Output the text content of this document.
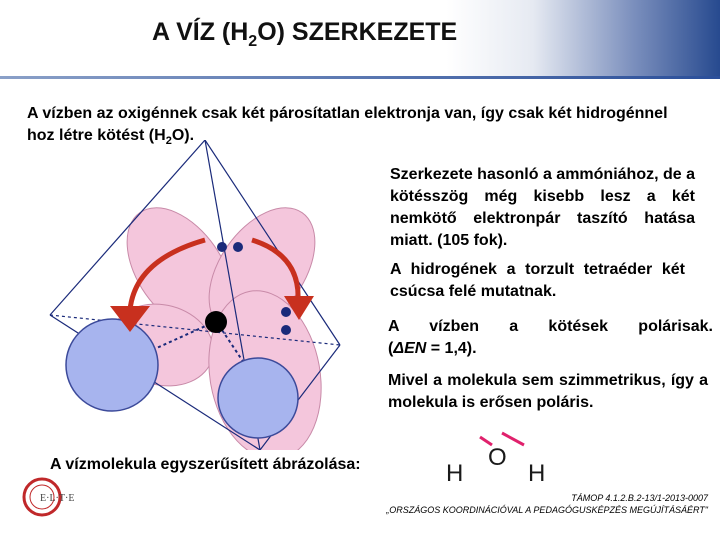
A VÍZ $(H_2O)$ SZERKEZETE
A vízben az oxigénnek csak két párosítatlan elektronja van, így csak két hidrogénnel hoz létre kötést $(H_2O)$.
Szerkezete hasonló a ammóniához, de a kötésszög még kisebb lesz a két nemkötő elektronpár taszító hatása miatt. (105 fok).
A hidrogének a torzult tetraéder két csúcsa felé mutatnak.
A vízben a kötések polárisak.
(ΔEN = 1,4).
Mivel a molekula sem szimmetrikus, így a molekula is erősen poláris.
A vízmolekula egyszerűsített ábrázolása:	H
O
H
E·L·T·E	TÁMOP 4.1.2.B.2-13/1-2013-0007
„ORSZÁGOS KOORDINÁCIÓVAL A PEDAGÓGUSKÉPZÉS MEGÚJÍTÁSÁÉRT"
